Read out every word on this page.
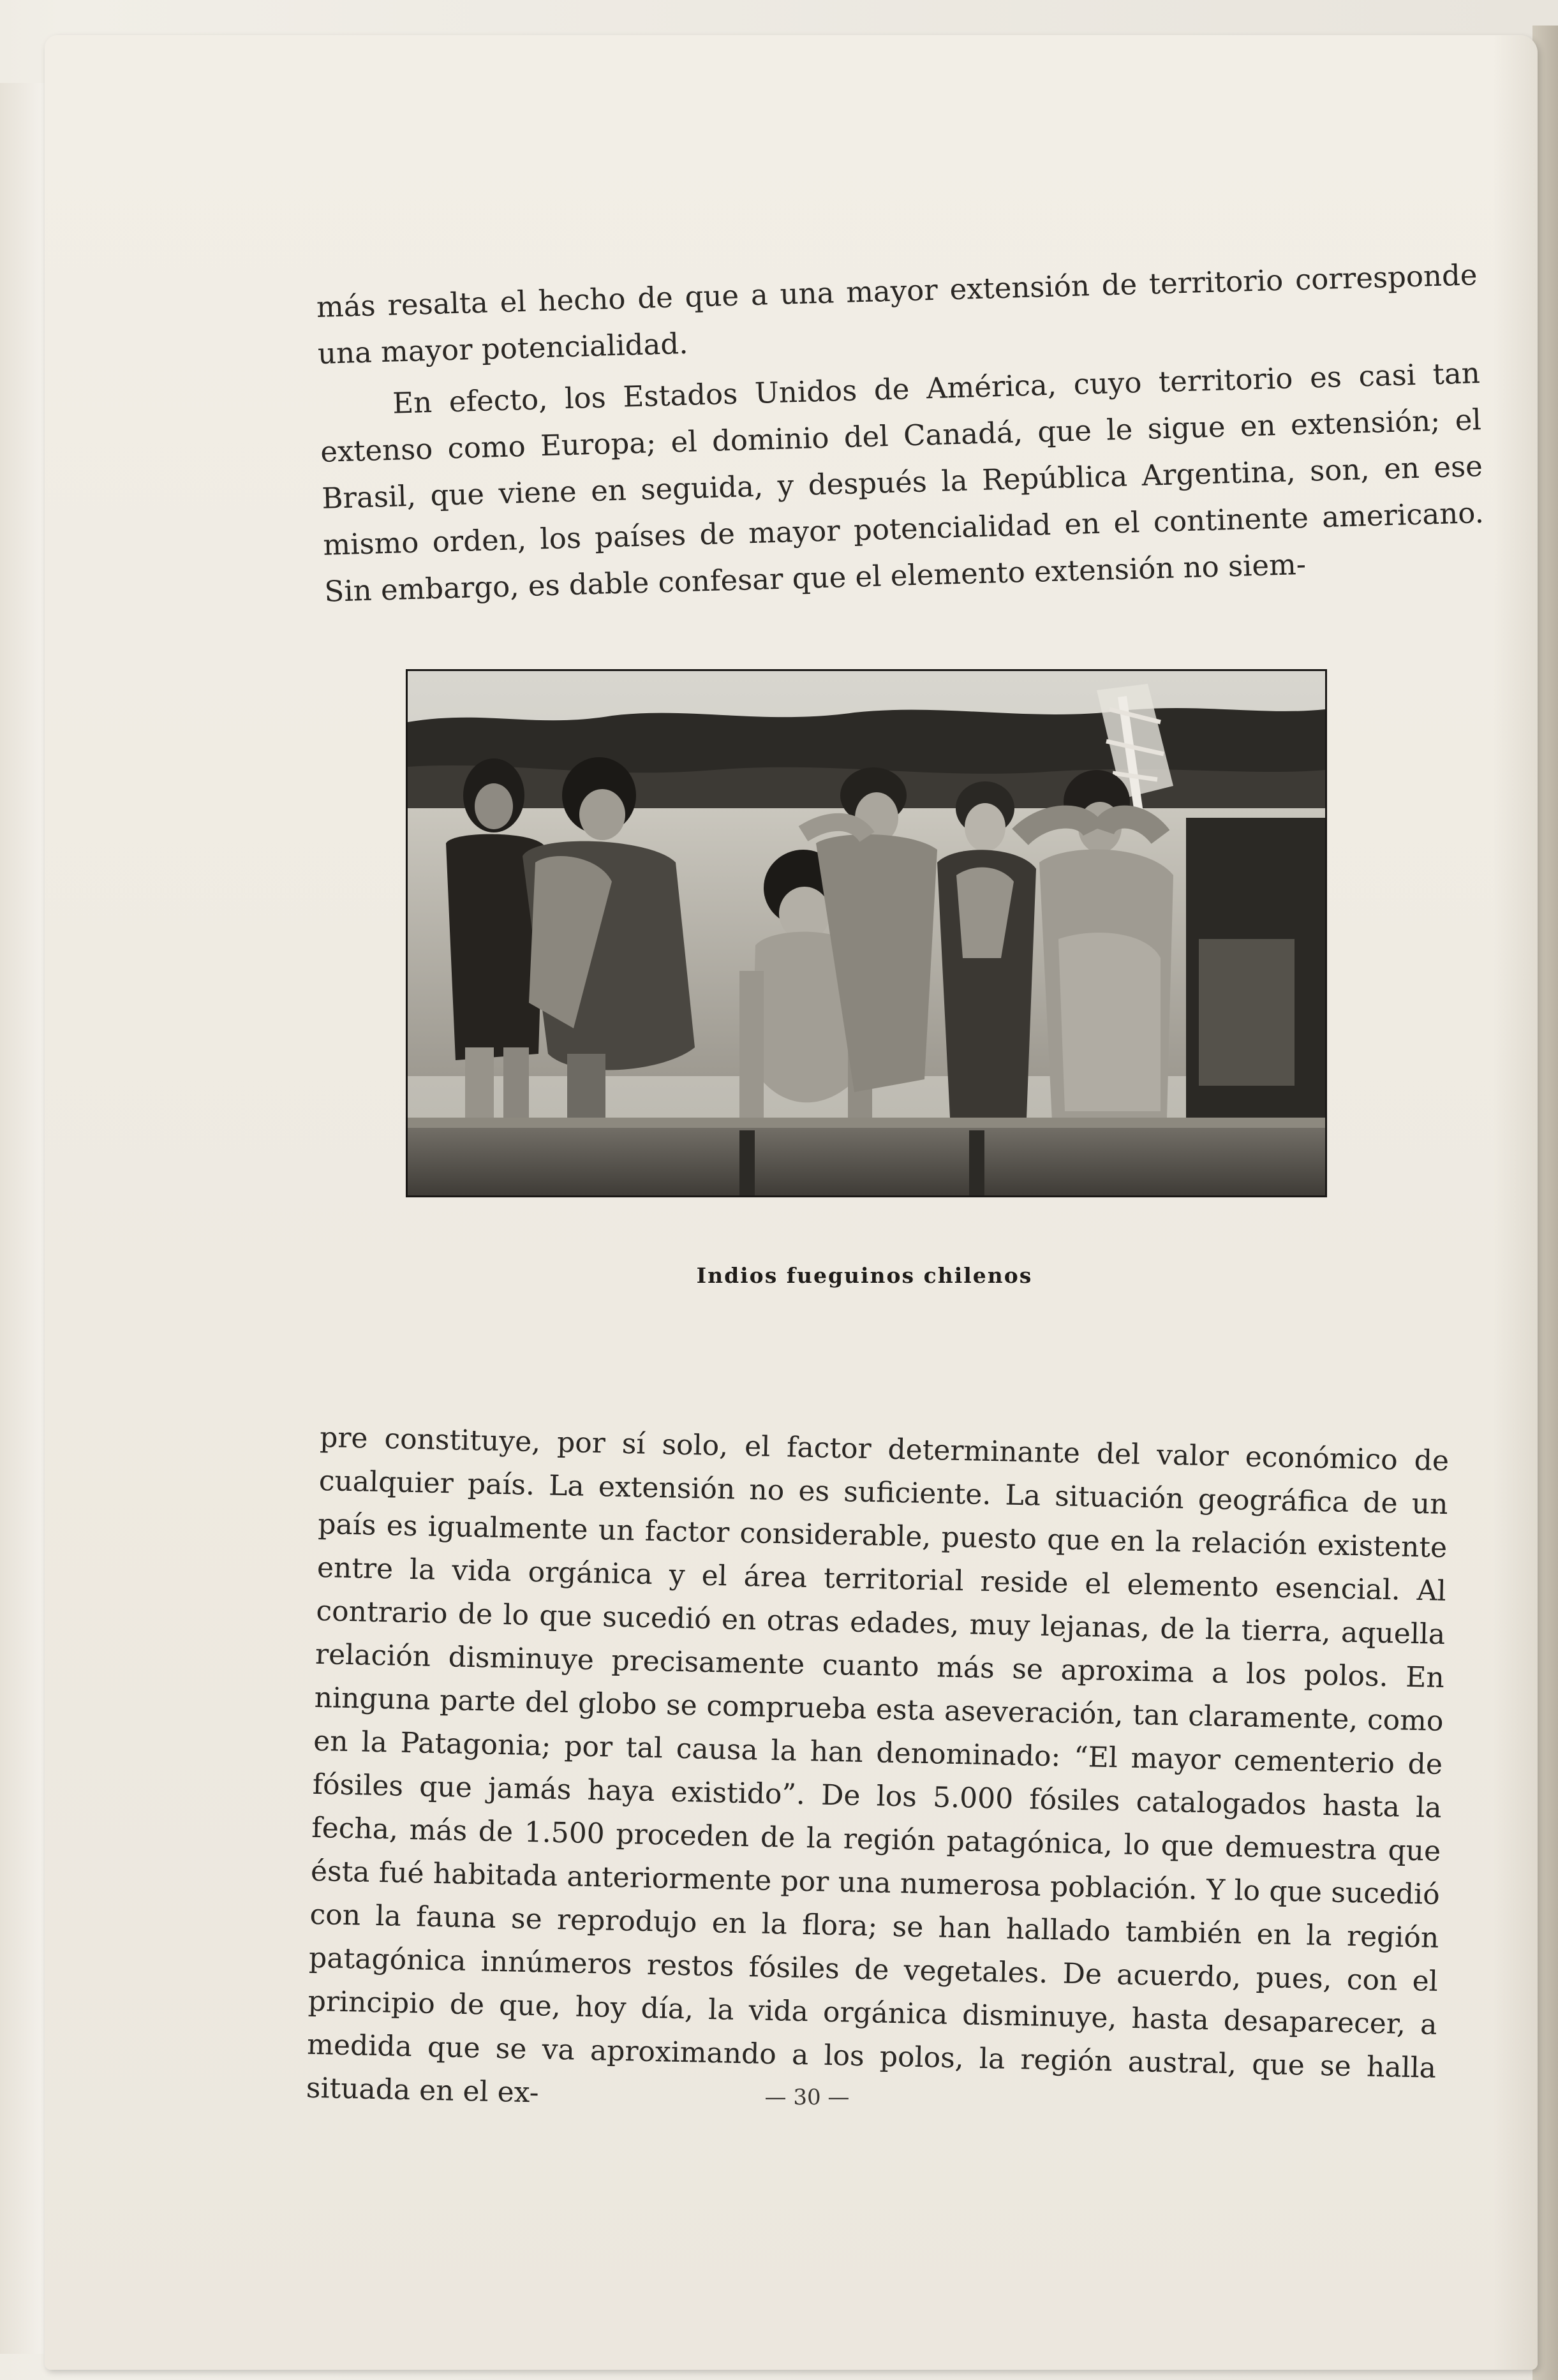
más resalta el hecho de que a una mayor extensión de territorio corresponde una mayor potencialidad.

En efecto, los Estados Unidos de América, cuyo territorio es casi tan extenso como Europa; el dominio del Canadá, que le sigue en extensión; el Brasil, que viene en seguida, y después la República Argentina, son, en ese mismo orden, los países de mayor potencialidad en el continente americano. Sin embargo, es dable confesar que el elemento extensión no siem-

Indios fueguinos chilenos
pre constituye, por sí solo, el factor determinante del valor económico de cualquier país. La extensión no es suficiente. La situación geográfica de un país es igualmente un factor considerable, puesto que en la relación existente entre la vida orgánica y el área territorial reside el elemento esencial. Al contrario de lo que sucedió en otras edades, muy lejanas, de la tierra, aquella relación disminuye precisamente cuanto más se aproxima a los polos. En ninguna parte del globo se comprueba esta aseveración, tan claramente, como en la Patagonia; por tal causa la han denominado: “El mayor cementerio de fósiles que jamás haya existido”. De los 5.000 fósiles catalogados hasta la fecha, más de 1.500 proceden de la región patagónica, lo que demuestra que ésta fué habitada anteriormente por una numerosa población. Y lo que sucedió con la fauna se reprodujo en la flora; se han hallado también en la región patagónica innúmeros restos fósiles de vegetales. De acuerdo, pues, con el principio de que, hoy día, la vida orgánica disminuye, hasta desaparecer, a medida que se va aproximando a los polos, la región austral, que se halla situada en el ex-	— 30 —
